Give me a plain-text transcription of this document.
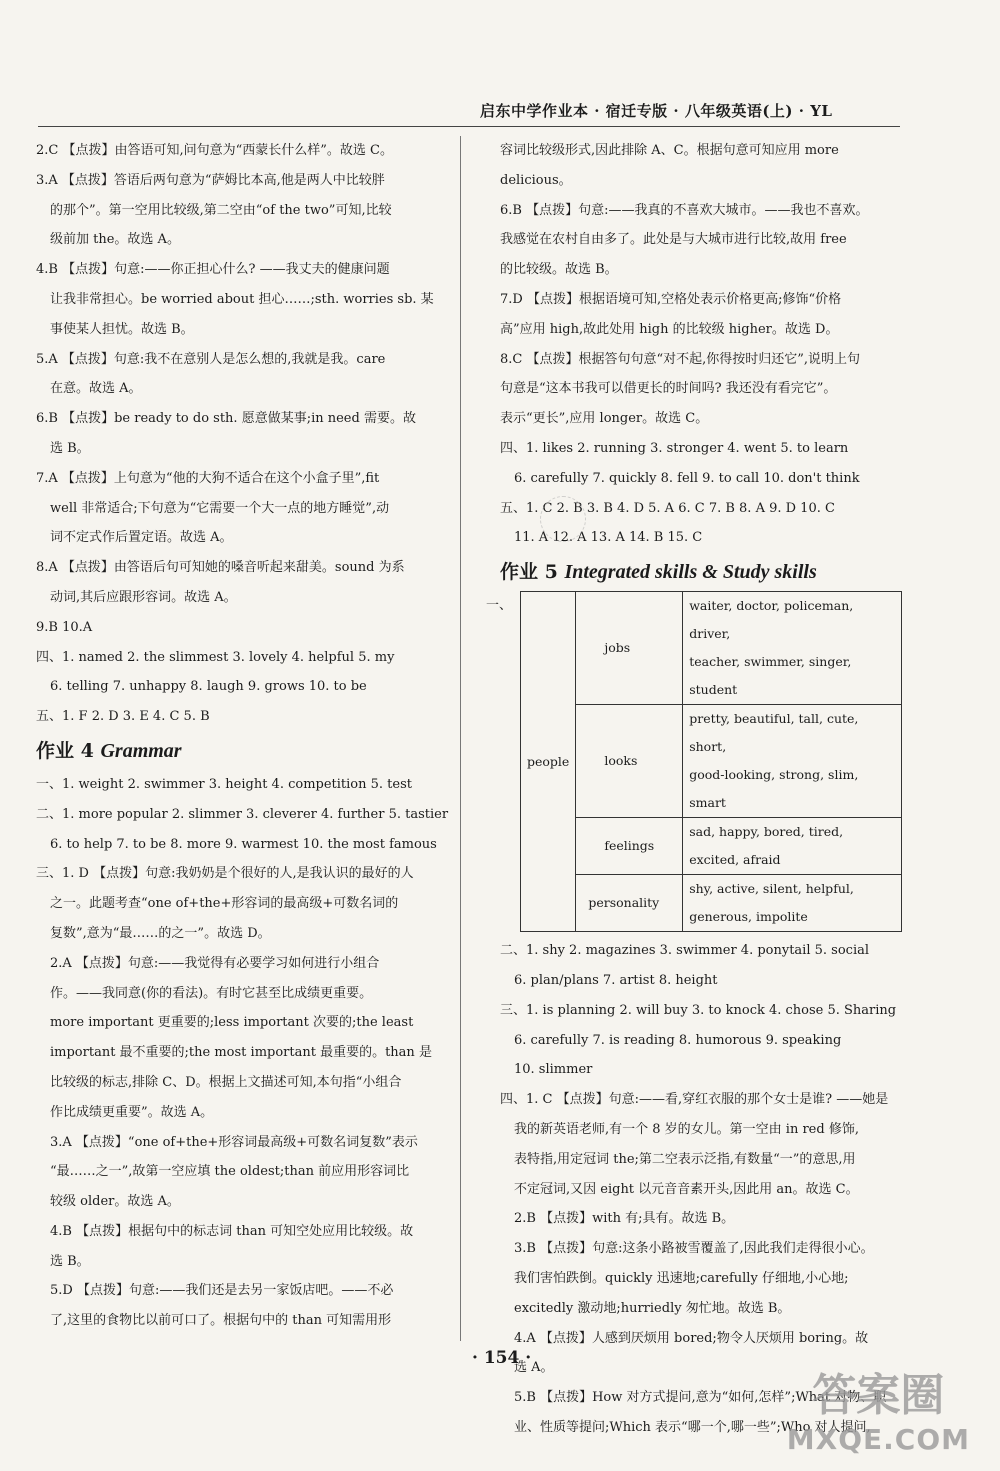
启东中学作业本 · 宿迁专版 · 八年级英语(上) · YL

2.C 【点拨】由答语可知,问句意为“西蒙长什么样”。故选 C。

3.A 【点拨】答语后两句意为“萨姆比本高,他是两人中比较胖

的那个”。第一空用比较级,第二空由“of the two”可知,比较

级前加 the。故选 A。

4.B 【点拨】句意:——你正担心什么? ——我丈夫的健康问题

让我非常担心。be worried about 担心……;sth. worries sb. 某

事使某人担忧。故选 B。

5.A 【点拨】句意:我不在意别人是怎么想的,我就是我。care

在意。故选 A。

6.B 【点拨】be ready to do sth. 愿意做某事;in need 需要。故

选 B。

7.A 【点拨】上句意为“他的大狗不适合在这个小盒子里”,fit

well 非常适合;下句意为“它需要一个大一点的地方睡觉”,动

词不定式作后置定语。故选 A。

8.A 【点拨】由答语后句可知她的嗓音听起来甜美。sound 为系

动词,其后应跟形容词。故选 A。

9.B 10.A

四、1. named 2. the slimmest 3. lovely 4. helpful 5. my

6. telling 7. unhappy 8. laugh 9. grows 10. to be

五、1. F 2. D 3. E 4. C 5. B

作业 4 Grammar

一、1. weight 2. swimmer 3. height 4. competition 5. test

二、1. more popular 2. slimmer 3. cleverer 4. further 5. tastier

6. to help 7. to be 8. more 9. warmest 10. the most famous

三、1. D 【点拨】句意:我奶奶是个很好的人,是我认识的最好的人

之一。此题考查“one of+the+形容词的最高级+可数名词的

复数”,意为“最……的之一”。故选 D。

2.A 【点拨】句意:——我觉得有必要学习如何进行小组合

作。——我同意(你的看法)。有时它甚至比成绩更重要。

more important 更重要的;less important 次要的;the least

important 最不重要的;the most important 最重要的。than 是

比较级的标志,排除 C、D。根据上文描述可知,本句指“小组合

作比成绩更重要”。故选 A。

3.A 【点拨】“one of+the+形容词最高级+可数名词复数”表示

“最……之一”,故第一空应填 the oldest;than 前应用形容词比

较级 older。故选 A。

4.B 【点拨】根据句中的标志词 than 可知空处应用比较级。故

选 B。

5.D 【点拨】句意:——我们还是去另一家饭店吧。——不必

了,这里的食物比以前可口了。根据句中的 than 可知需用形

容词比较级形式,因此排除 A、C。根据句意可知应用 more

delicious。

6.B 【点拨】句意:——我真的不喜欢大城市。——我也不喜欢。

我感觉在农村自由多了。此处是与大城市进行比较,故用 free

的比较级。故选 B。

7.D 【点拨】根据语境可知,空格处表示价格更高;修饰“价格

高”应用 high,故此处用 high 的比较级 higher。故选 D。

8.C 【点拨】根据答句句意“对不起,你得按时归还它”,说明上句

句意是“这本书我可以借更长的时间吗? 我还没有看完它”。

表示“更长”,应用 longer。故选 C。

四、1. likes 2. running 3. stronger 4. went 5. to learn

6. carefully 7. quickly 8. fell 9. to call 10. don't think

五、1. C 2. B 3. B 4. D 5. A 6. C 7. B 8. A 9. D 10. C

11. A 12. A 13. A 14. B 15. C

作业 5 Integrated skills & Study skills
一、
people	jobs	waiter, doctor, policeman, driver,
		teacher, swimmer, singer, student
	looks	pretty, beautiful, tall, cute, short,
		good-looking, strong, slim, smart
	feelings	sad, happy, bored, tired,
		excited, afraid
	personality	shy, active, silent, helpful,
		generous, impolite

二、1. shy 2. magazines 3. swimmer 4. ponytail 5. social

6. plan/plans 7. artist 8. height

三、1. is planning 2. will buy 3. to knock 4. chose 5. Sharing

6. carefully 7. is reading 8. humorous 9. speaking

10. slimmer

四、1. C 【点拨】句意:——看,穿红衣服的那个女士是谁? ——她是

我的新英语老师,有一个 8 岁的女儿。第一空由 in red 修饰,

表特指,用定冠词 the;第二空表示泛指,有数量“一”的意思,用

不定冠词,又因 eight 以元音音素开头,因此用 an。故选 C。

2.B 【点拨】with 有;具有。故选 B。

3.B 【点拨】句意:这条小路被雪覆盖了,因此我们走得很小心。

我们害怕跌倒。quickly 迅速地;carefully 仔细地,小心地;

excitedly 激动地;hurriedly 匆忙地。故选 B。

4.A 【点拨】人感到厌烦用 bored;物令人厌烦用 boring。故

选 A。

5.B 【点拨】How 对方式提问,意为“如何,怎样”;What 对物、职

业、性质等提问;Which 表示“哪一个,哪一些”;Who 对人提问,

· 154 ·
答案圈
MXQE.COM
